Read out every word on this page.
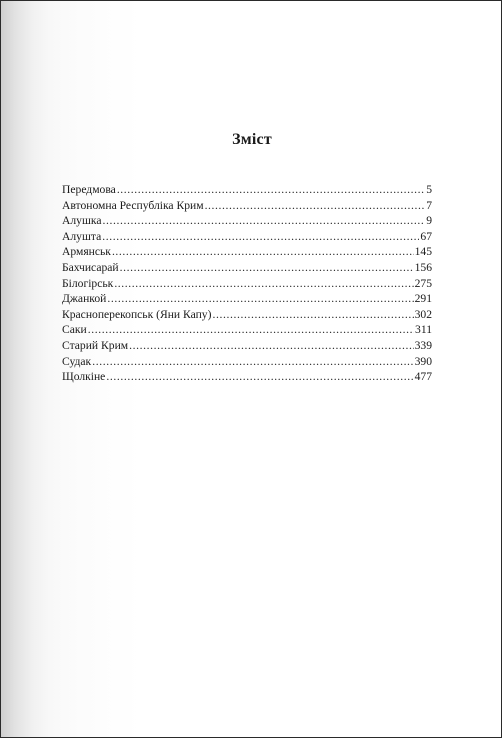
Зміст
Передмова .....	5
Автономна Республіка Крим .....	7
Алушка .....	9
Алушта .....	67
Армянськ .....	145
Бахчисарай .....	156
Білогірськ .....	275
Джанкой .....	291
Красноперекопськ (Яни Капу) .....	302
Саки .....	311
Старий Крим .....	339
Судак .....	390
Щолкіне .....	477
